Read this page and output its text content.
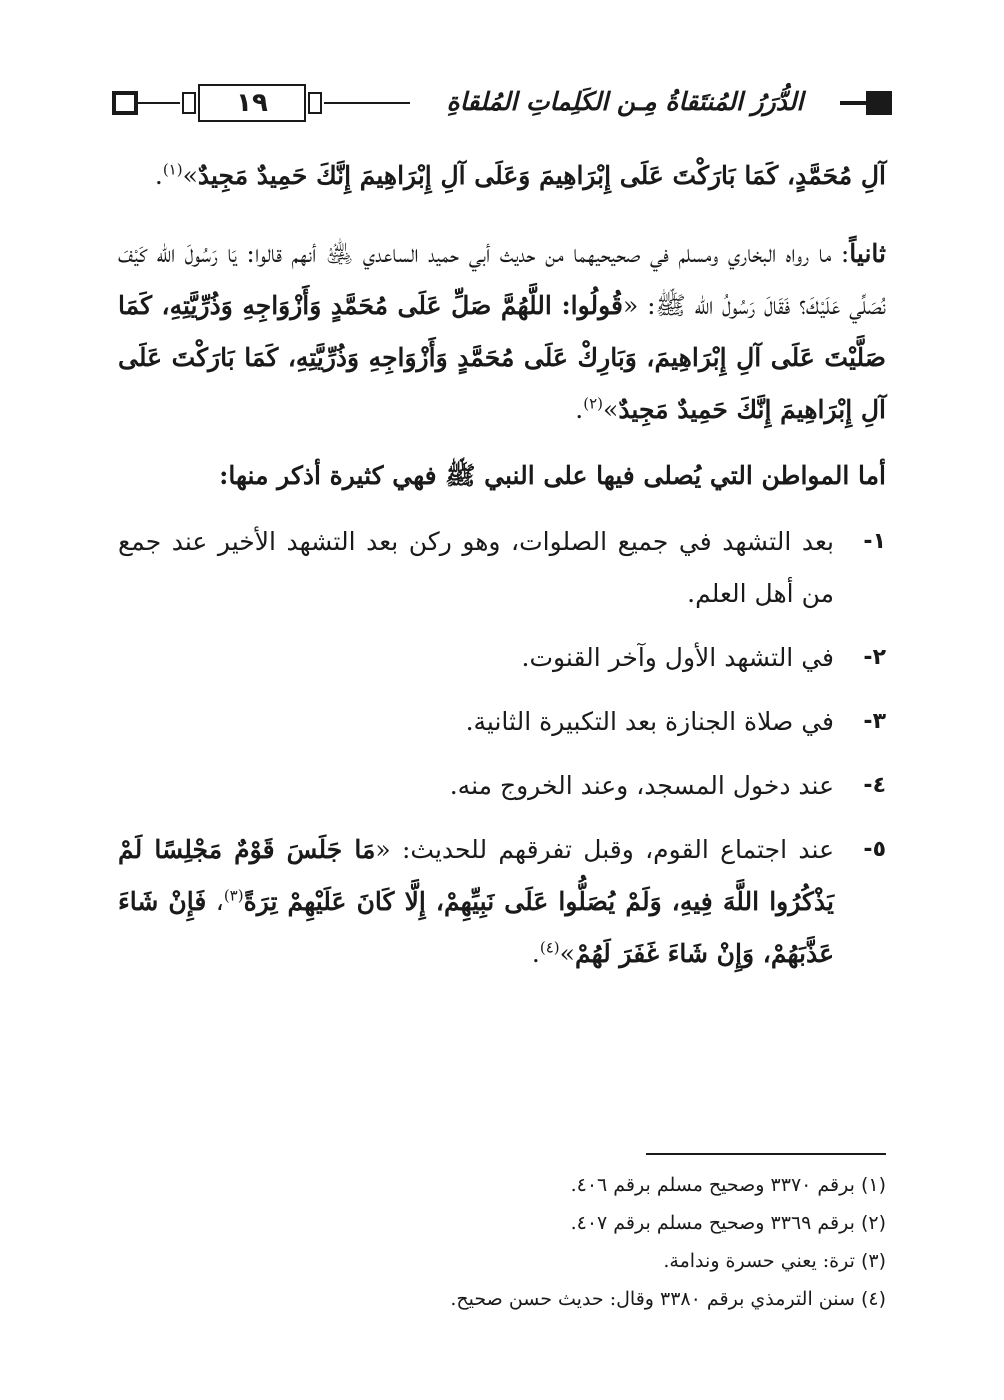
١٩	الدُّرَرُ المُنتَقاةُ مِـن الكَلِماتِ المُلقاةِ

آلِ مُحَمَّدٍ، كَمَا بَارَكْتَ عَلَى إِبْرَاهِيمَ وَعَلَى آلِ إِبْرَاهِيمَ إِنَّكَ حَمِيدٌ مَجِيدٌ»$^{(١)}$.

ثانياً: ما رواه البخاري ومسلم في صحيحيهما من حديث أبي حميد الساعدي ﵁ أنهم قالوا: يَا رَسُولَ الله كَيْفَ نُصَلِّي عَلَيْكَ؟ فَقَالَ رَسُولُ الله ﷺ: «قُولُوا: اللَّهُمَّ صَلِّ عَلَى مُحَمَّدٍ وَأَزْوَاجِهِ وَذُرِّيَّتِهِ، كَمَا صَلَّيْتَ عَلَى آلِ إِبْرَاهِيمَ، وَبَارِكْ عَلَى مُحَمَّدٍ وَأَزْوَاجِهِ وَذُرِّيَّتِهِ، كَمَا بَارَكْتَ عَلَى آلِ إِبْرَاهِيمَ إِنَّكَ حَمِيدٌ مَجِيدٌ»$^{(٢)}$.

أما المواطن التي يُصلى فيها على النبي ﷺ فهي كثيرة أذكر منها:

١-
بعد التشهد في جميع الصلوات، وهو ركن بعد التشهد الأخير عند جمع من أهل العلم.
٢-
في التشهد الأول وآخر القنوت.
٣-
في صلاة الجنازة بعد التكبيرة الثانية.
٤-
عند دخول المسجد، وعند الخروج منه.
٥-
عند اجتماع القوم، وقبل تفرقهم للحديث: «مَا جَلَسَ قَوْمٌ مَجْلِسًا لَمْ يَذْكُرُوا اللَّهَ فِيهِ، وَلَمْ يُصَلُّوا عَلَى نَبِيِّهِمْ، إِلَّا كَانَ عَلَيْهِمْ تِرَةً$^{(٣)}$، فَإِنْ شَاءَ عَذَّبَهُمْ، وَإِنْ شَاءَ غَفَرَ لَهُمْ»$^{(٤)}$.

(١) برقم ٣٣٧٠ وصحيح مسلم برقم ٤٠٦.

(٢) برقم ٣٣٦٩ وصحيح مسلم برقم ٤٠٧.

(٣) ترة: يعني حسرة وندامة.

(٤) سنن الترمذي برقم ٣٣٨٠ وقال: حديث حسن صحيح.
